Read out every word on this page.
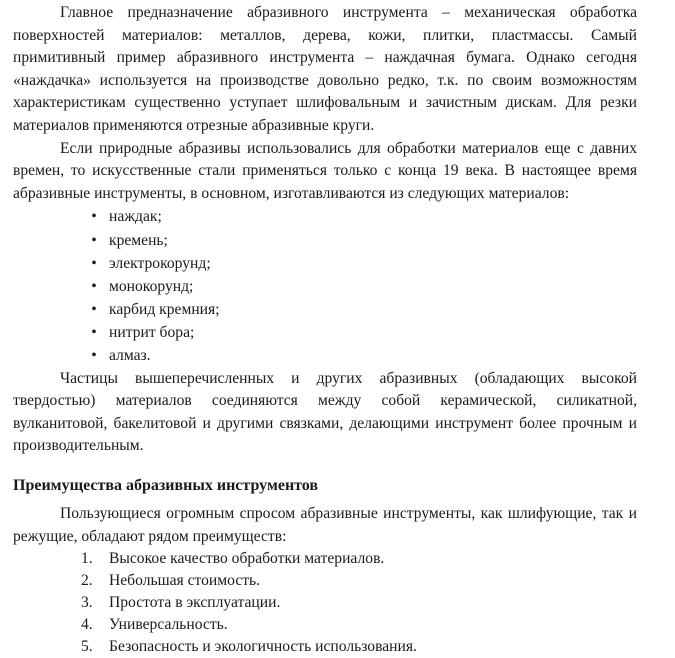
Главное предназначение абразивного инструмента – механическая обработка поверхностей материалов: металлов, дерева, кожи, плитки, пластмассы. Самый примитивный пример абразивного инструмента – наждачная бумага. Однако сегодня «наждачка» используется на производстве довольно редко, т.к. по своим возможностям характеристикам существенно уступает шлифовальным и зачистным дискам. Для резки материалов применяются отрезные абразивные круги.

Если природные абразивы использовались для обработки материалов еще с давних времен, то искусственные стали применяться только с конца 19 века. В настоящее время абразивные инструменты, в основном, изготавливаются из следующих материалов:

• наждак;
• кремень;
• электрокорунд;
• монокорунд;
• карбид кремния;
• нитрит бора;
• алмаз.

Частицы вышеперечисленных и других абразивных (обладающих высокой твердостью) материалов соединяются между собой керамической, силикатной, вулканитовой, бакелитовой и другими связками, делающими инструмент более прочным и производительным.

Преимущества абразивных инструментов

Пользующиеся огромным спросом абразивные инструменты, как шлифующие, так и режущие, обладают рядом преимуществ:

1. Высокое качество обработки материалов.
2. Небольшая стоимость.
3. Простота в эксплуатации.
4. Универсальность.
5. Безопасность и экологичность использования.
